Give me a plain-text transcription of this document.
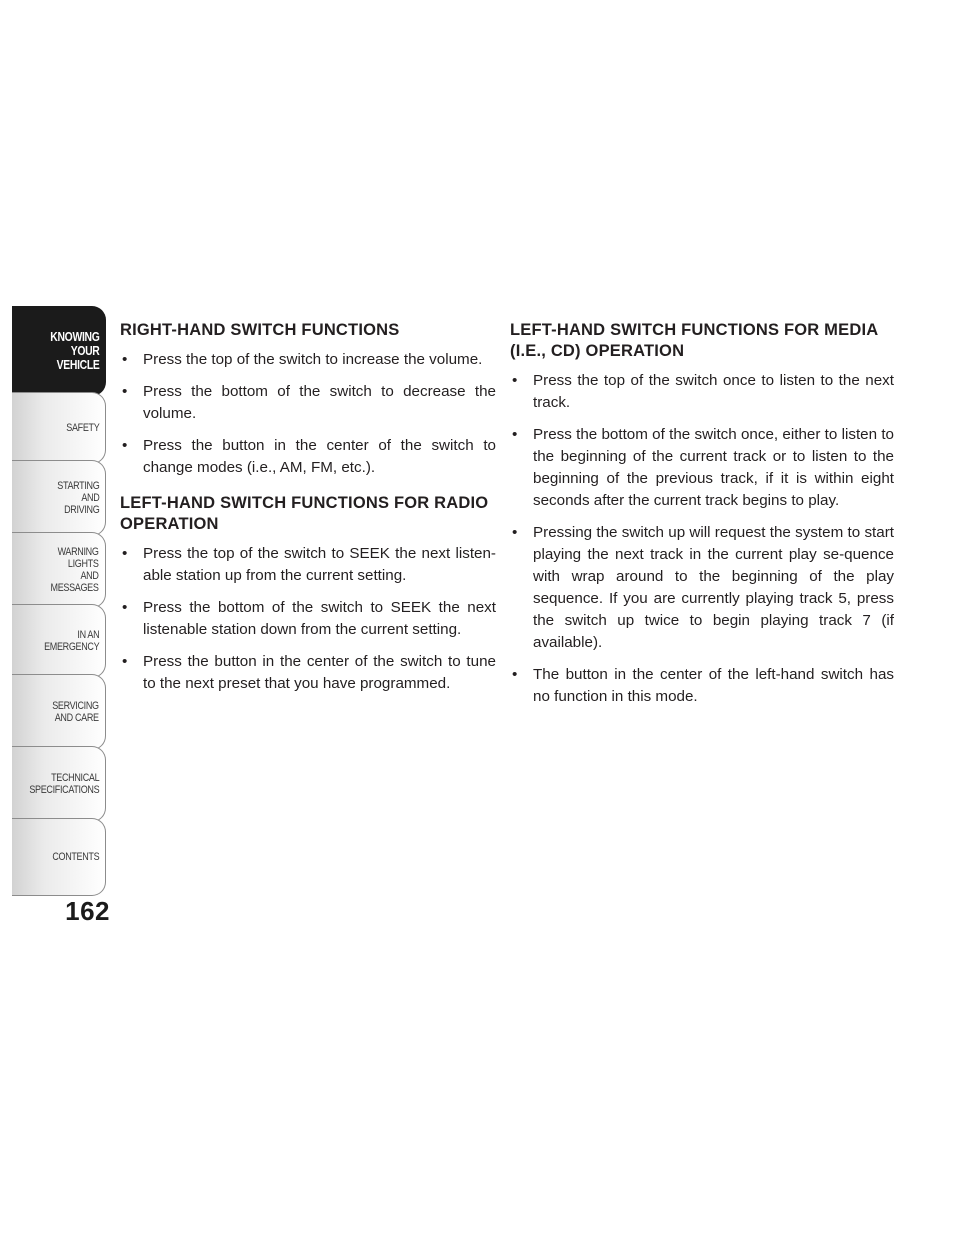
KNOWING
YOUR
VEHICLE
SAFETY
STARTING
AND
DRIVING
WARNING
LIGHTS
AND
MESSAGES
IN AN
EMERGENCY
SERVICING
AND CARE
TECHNICAL
SPECIFICATIONS
CONTENTS
162
RIGHT-HAND SWITCH FUNCTIONS
• Press the top of the switch to increase the volume.
• Press the bottom of the switch to decrease the volume.
• Press the button in the center of the switch to change modes (i.e., AM, FM, etc.).
LEFT-HAND SWITCH FUNCTIONS FOR RADIO OPERATION
• Press the top of the switch to SEEK the next listen-able station up from the current setting.
• Press the bottom of the switch to SEEK the next listenable station down from the current setting.
• Press the button in the center of the switch to tune to the next preset that you have programmed.
LEFT-HAND SWITCH FUNCTIONS FOR MEDIA (I.E., CD) OPERATION
• Press the top of the switch once to listen to the next track.
• Press the bottom of the switch once, either to listen to the beginning of the current track or to listen to the beginning of the previous track, if it is within eight seconds after the current track begins to play.
• Pressing the switch up will request the system to start playing the next track in the current play se-quence with wrap around to the beginning of the play sequence. If you are currently playing track 5, press the switch up twice to begin playing track 7 (if available).
• The button in the center of the left-hand switch has no function in this mode.
